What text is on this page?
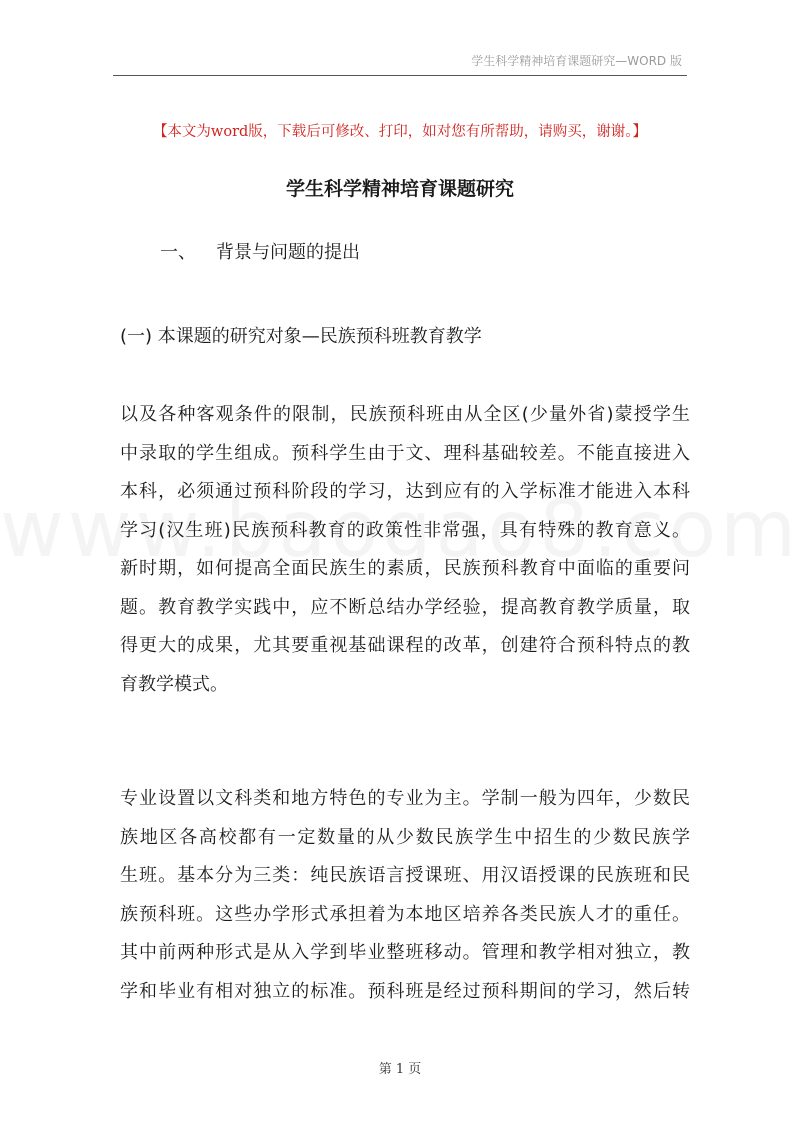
学生科学精神培育课题研究—WORD 版
【本文为word版，下载后可修改、打印，如对您有所帮助，请购买，谢谢。】
学生科学精神培育课题研究
一、 背景与问题的提出
(一) 本课题的研究对象—民族预科班教育教学
以及各种客观条件的限制，民族预科班由从全区(少量外省)蒙授学生
中录取的学生组成。预科学生由于文、理科基础较差。不能直接进入
本科，必须通过预科阶段的学习，达到应有的入学标准才能进入本科
学习(汉生班)民族预科教育的政策性非常强，具有特殊的教育意义。
新时期，如何提高全面民族生的素质，民族预科教育中面临的重要问
题。教育教学实践中，应不断总结办学经验，提高教育教学质量，取
得更大的成果，尤其要重视基础课程的改革，创建符合预科特点的教
育教学模式。
专业设置以文科类和地方特色的专业为主。学制一般为四年，少数民
族地区各高校都有一定数量的从少数民族学生中招生的少数民族学
生班。基本分为三类：纯民族语言授课班、用汉语授课的民族班和民
族预科班。这些办学形式承担着为本地区培养各类民族人才的重任。
其中前两种形式是从入学到毕业整班移动。管理和教学相对独立，教
学和毕业有相对独立的标准。预科班是经过预科期间的学习，然后转
第 1 页
